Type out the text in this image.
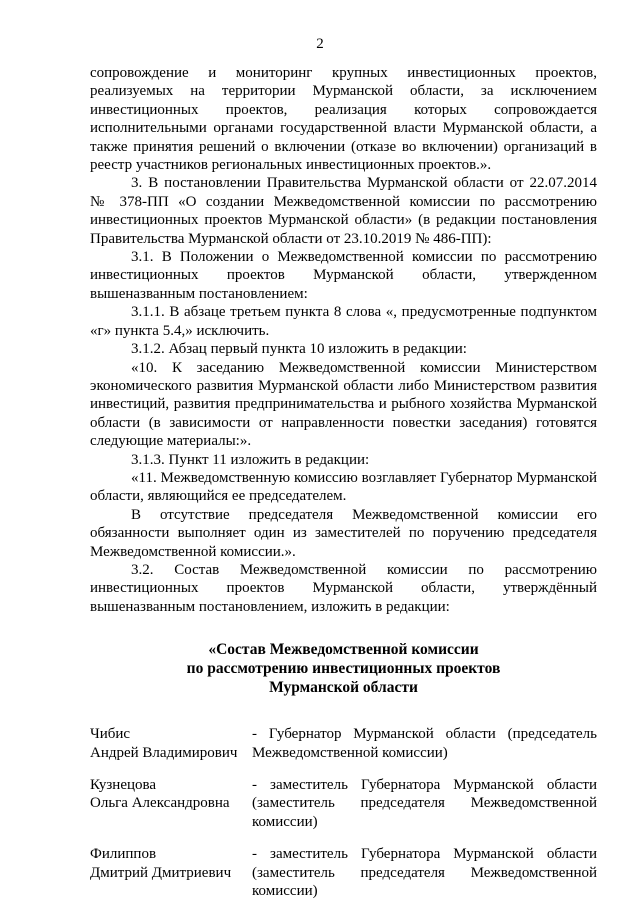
2

сопровождение и мониторинг крупных инвестиционных проектов, реализуемых на территории Мурманской области, за исключением инвестиционных проектов, реализация которых сопровождается исполнительными органами государственной власти Мурманской области, а также принятия решений о включении (отказе во включении) организаций в реестр участников региональных инвестиционных проектов.».

3. В постановлении Правительства Мурманской области от 22.07.2014 № 378-ПП «О создании Межведомственной комиссии по рассмотрению инвестиционных проектов Мурманской области» (в редакции постановления Правительства Мурманской области от 23.10.2019 № 486-ПП):

3.1. В Положении о Межведомственной комиссии по рассмотрению инвестиционных проектов Мурманской области, утвержденном вышеназванным постановлением:

3.1.1. В абзаце третьем пункта 8 слова «, предусмотренные подпунктом «г» пункта 5.4,» исключить.

3.1.2. Абзац первый пункта 10 изложить в редакции:

«10. К заседанию Межведомственной комиссии Министерством экономического развития Мурманской области либо Министерством развития инвестиций, развития предпринимательства и рыбного хозяйства Мурманской области (в зависимости от направленности повестки заседания) готовятся следующие материалы:».

3.1.3. Пункт 11 изложить в редакции:

«11. Межведомственную комиссию возглавляет Губернатор Мурманской области, являющийся ее председателем.

В отсутствие председателя Межведомственной комиссии его обязанности выполняет один из заместителей по поручению председателя Межведомственной комиссии.».

3.2. Состав Межведомственной комиссии по рассмотрению инвестиционных проектов Мурманской области, утверждённый вышеназванным постановлением, изложить в редакции:

«Состав Межведомственной комиссии
по рассмотрению инвестиционных проектов
Мурманской области
Чибис
Андрей Владимирович
- Губернатор Мурманской области (председатель Межведомственной комиссии)
Кузнецова
Ольга Александровна
- заместитель Губернатора Мурманской области (заместитель председателя Межведомственной комиссии)
Филиппов
Дмитрий Дмитриевич
- заместитель Губернатора Мурманской области (заместитель председателя Межведомственной комиссии)
